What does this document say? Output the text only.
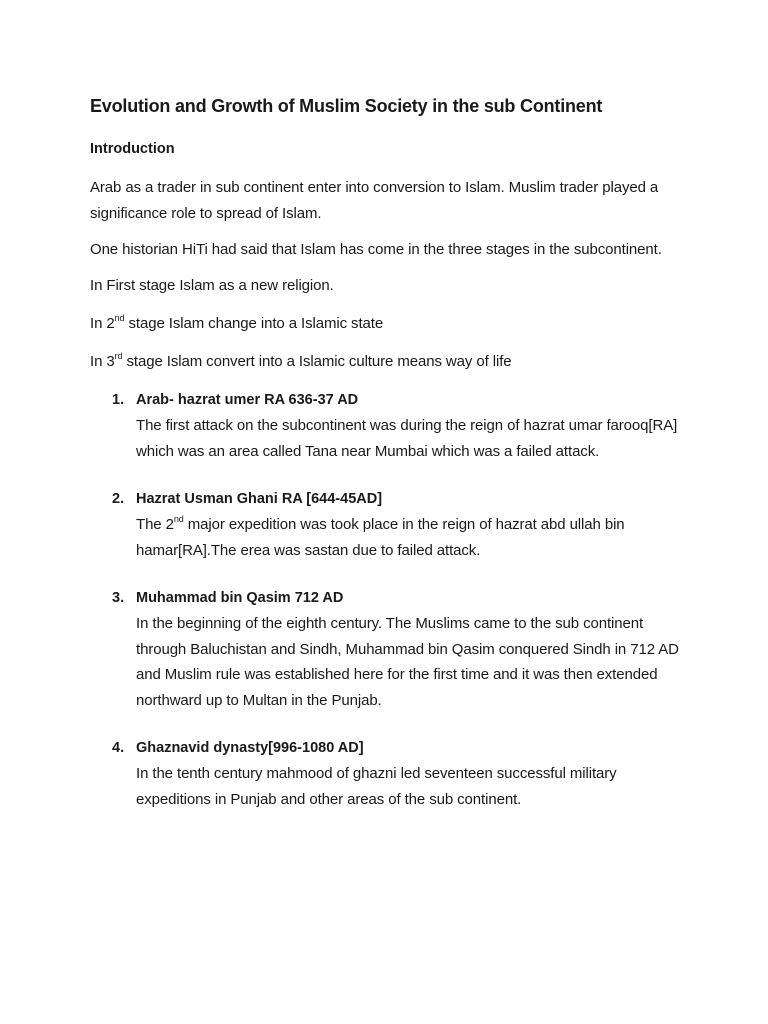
Evolution and Growth of Muslim Society in the sub Continent
Introduction

Arab as a trader in sub continent enter into conversion to Islam. Muslim trader played a significance role to spread of Islam.

One historian HiTi had said that Islam has come in the three stages in the subcontinent.

In First stage Islam as a new religion.

In 2nd stage Islam change into a Islamic state

In 3rd stage Islam convert into a Islamic culture means way of life

1. Arab- hazrat umer RA 636-37 AD

The first attack on the subcontinent was during the reign of hazrat umar farooq[RA] which was an area called Tana near Mumbai which was a failed attack.

2. Hazrat Usman Ghani RA [644-45AD]

The 2nd major expedition was took place in the reign of hazrat abd ullah bin hamar[RA].The erea was sastan due to failed attack.

3. Muhammad bin Qasim 712 AD

In the beginning of the eighth century. The Muslims came to the sub continent through Baluchistan and Sindh, Muhammad bin Qasim conquered Sindh in 712 AD and Muslim rule was established here for the first time and it was then extended northward up to Multan in the Punjab.

4. Ghaznavid dynasty[996-1080 AD]

In the tenth century mahmood of ghazni led seventeen successful military expeditions in Punjab and other areas of the sub continent.
